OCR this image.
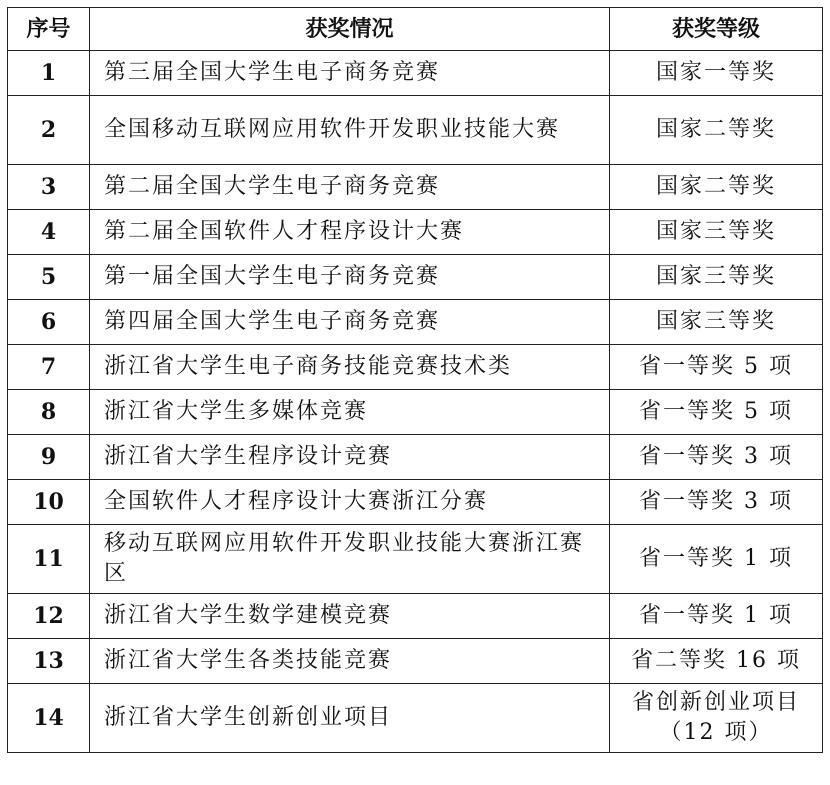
序号	获奖情况	获奖等级
1	第三届全国大学生电子商务竞赛	国家一等奖
2	全国移动互联网应用软件开发职业技能大赛	国家二等奖
3	第二届全国大学生电子商务竞赛	国家二等奖
4	第二届全国软件人才程序设计大赛	国家三等奖
5	第一届全国大学生电子商务竞赛	国家三等奖
6	第四届全国大学生电子商务竞赛	国家三等奖
7	浙江省大学生电子商务技能竞赛技术类	省一等奖 5 项
8	浙江省大学生多媒体竞赛	省一等奖 5 项
9	浙江省大学生程序设计竞赛	省一等奖 3 项
10	全国软件人才程序设计大赛浙江分赛	省一等奖 3 项
11	移动互联网应用软件开发职业技能大赛浙江赛区	省一等奖 1 项
12	浙江省大学生数学建模竞赛	省一等奖 1 项
13	浙江省大学生各类技能竞赛	省二等奖 16 项
14	浙江省大学生创新创业项目	省创新创业项目（12 项）
